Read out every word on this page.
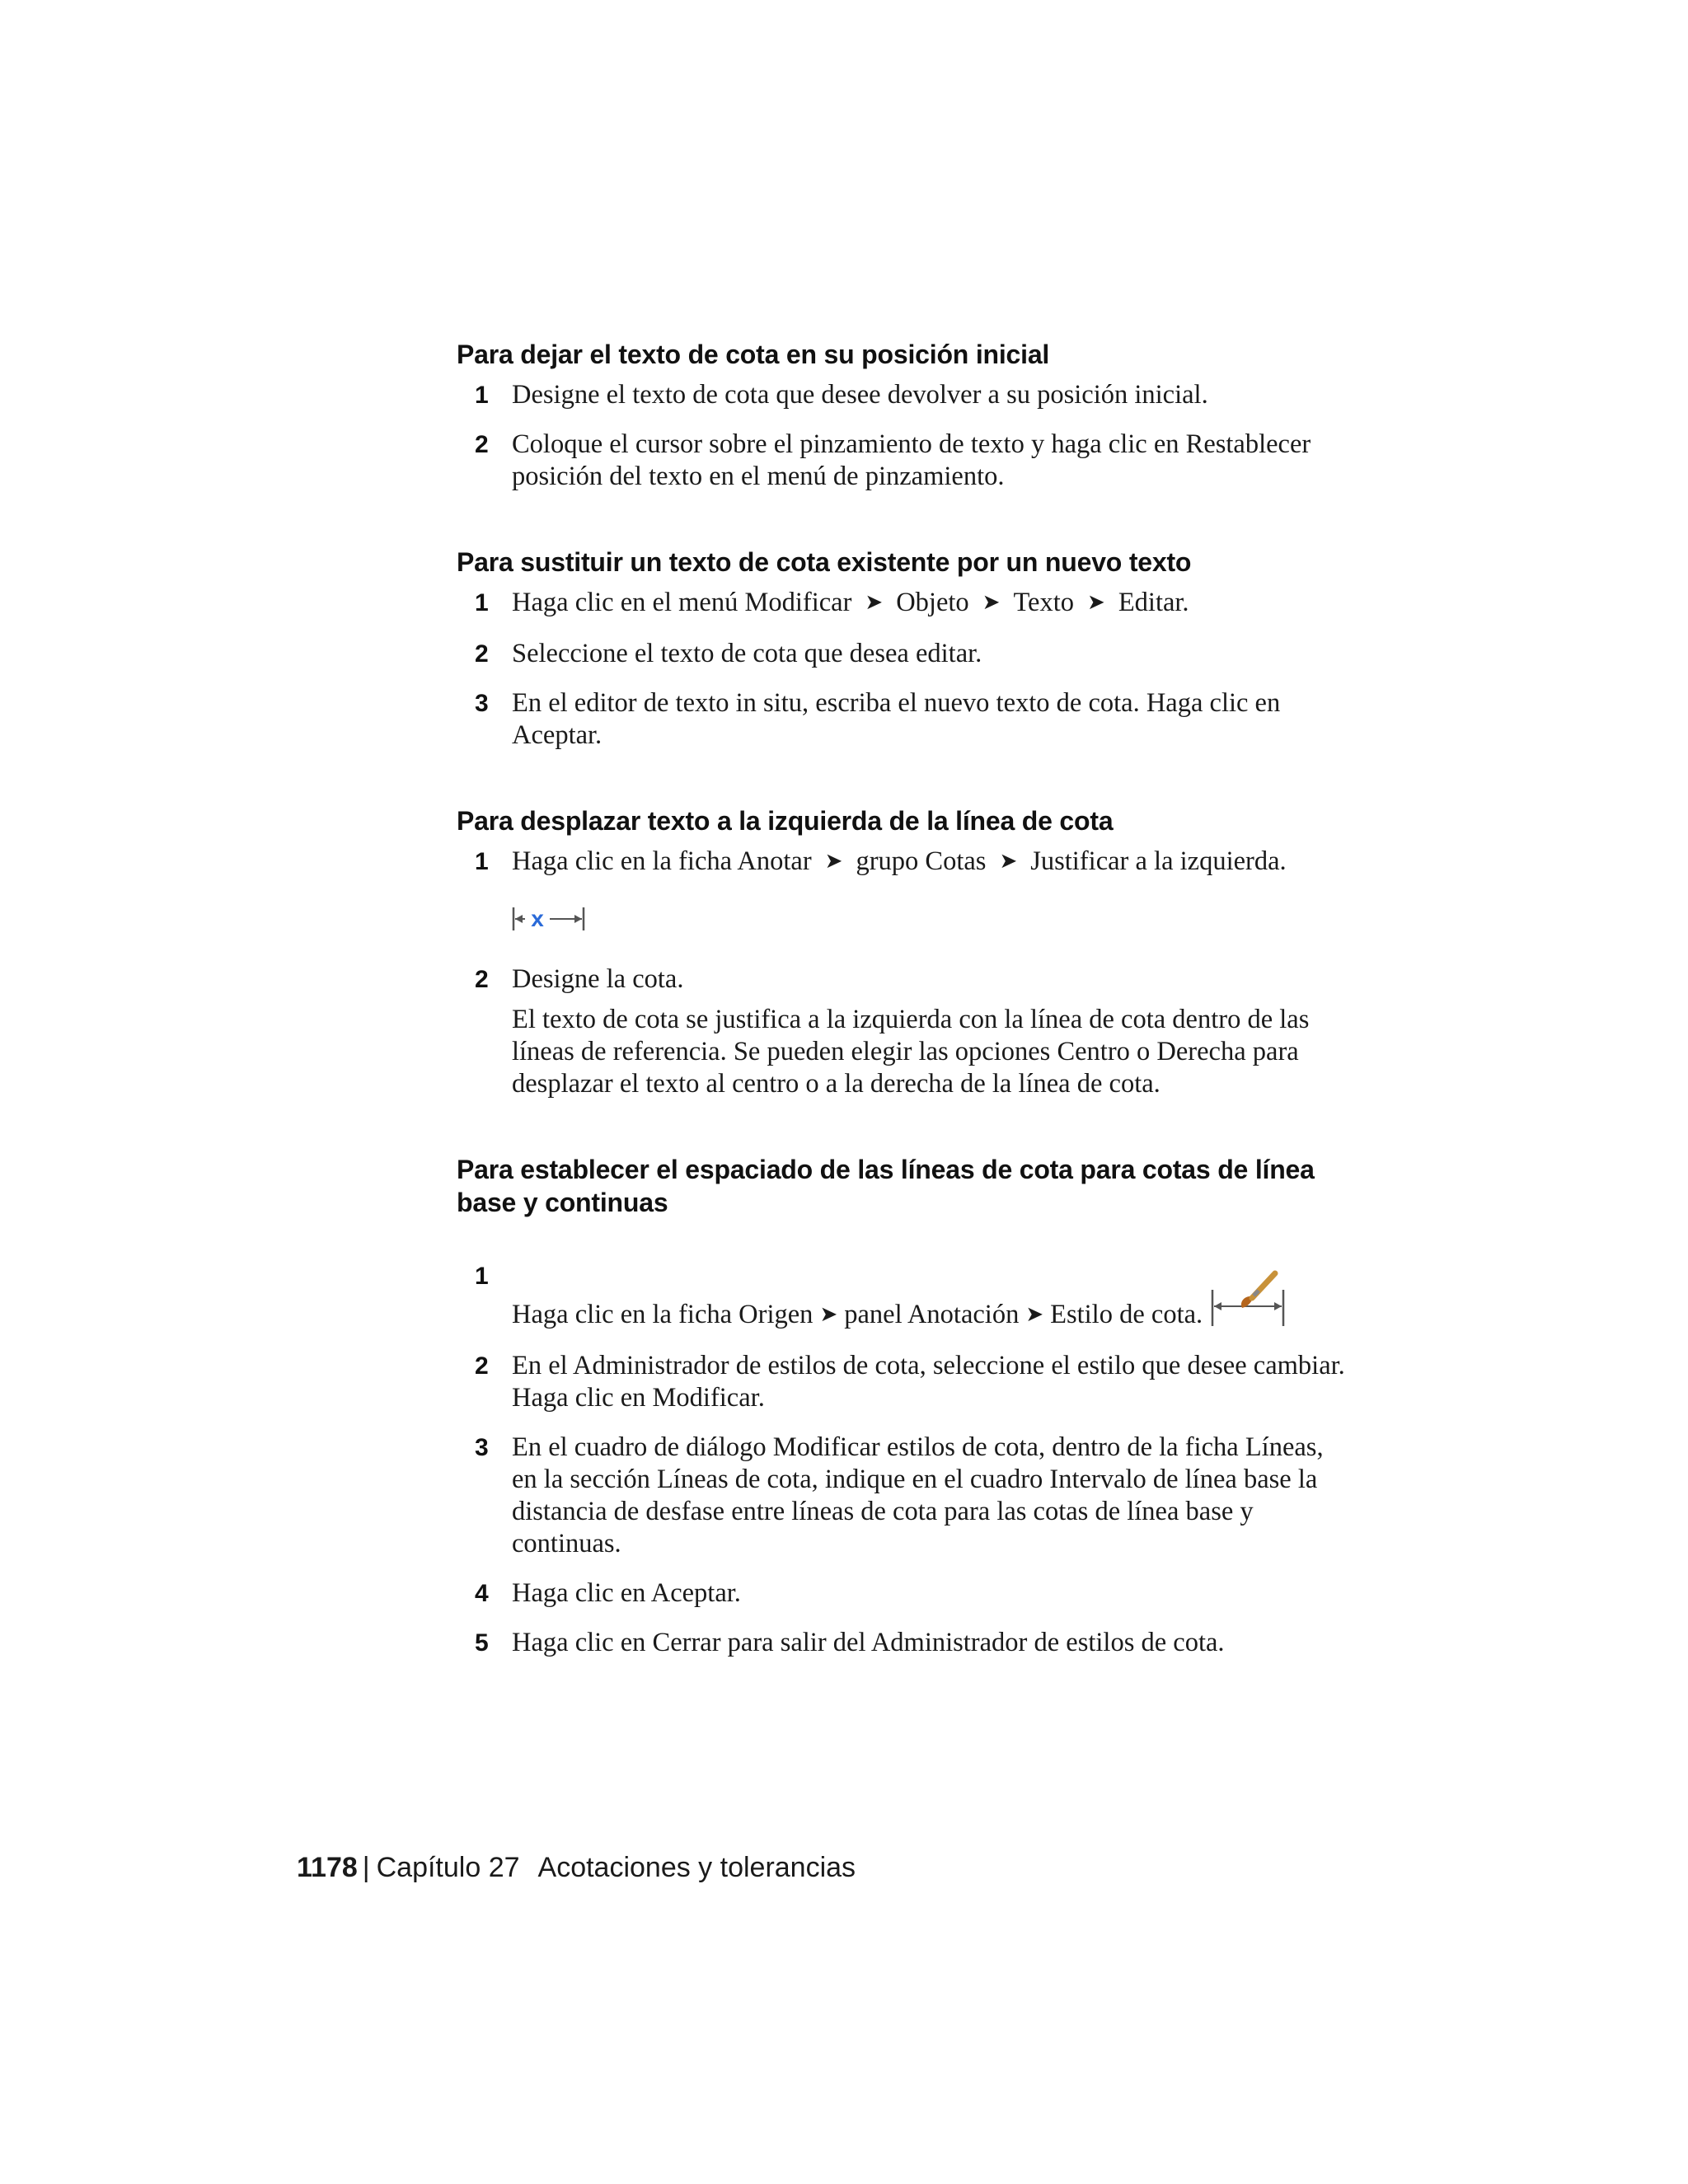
Para dejar el texto de cota en su posición inicial
1 Designe el texto de cota que desee devolver a su posición inicial.
2 Coloque el cursor sobre el pinzamiento de texto y haga clic en Restablecer posición del texto en el menú de pinzamiento.
Para sustituir un texto de cota existente por un nuevo texto
1 Haga clic en el menú Modificar ➤ Objeto ➤ Texto ➤ Editar.
2 Seleccione el texto de cota que desea editar.
3 En el editor de texto in situ, escriba el nuevo texto de cota. Haga clic en Aceptar.
Para desplazar texto a la izquierda de la línea de cota
1 Haga clic en la ficha Anotar ➤ grupo Cotas ➤ Justificar a la izquierda.
x
2 Designe la cota.
El texto de cota se justifica a la izquierda con la línea de cota dentro de las líneas de referencia. Se pueden elegir las opciones Centro o Derecha para desplazar el texto al centro o a la derecha de la línea de cota.
Para establecer el espaciado de las líneas de cota para cotas de línea base y continuas
1
Haga clic en la ficha Origen ➤ panel Anotación ➤ Estilo de cota.
2 En el Administrador de estilos de cota, seleccione el estilo que desee cambiar. Haga clic en Modificar.
3 En el cuadro de diálogo Modificar estilos de cota, dentro de la ficha Líneas, en la sección Líneas de cota, indique en el cuadro Intervalo de línea base la distancia de desfase entre líneas de cota para las cotas de línea base y continuas.
4 Haga clic en Aceptar.
5 Haga clic en Cerrar para salir del Administrador de estilos de cota.
1178 | Capítulo 27 Acotaciones y tolerancias
